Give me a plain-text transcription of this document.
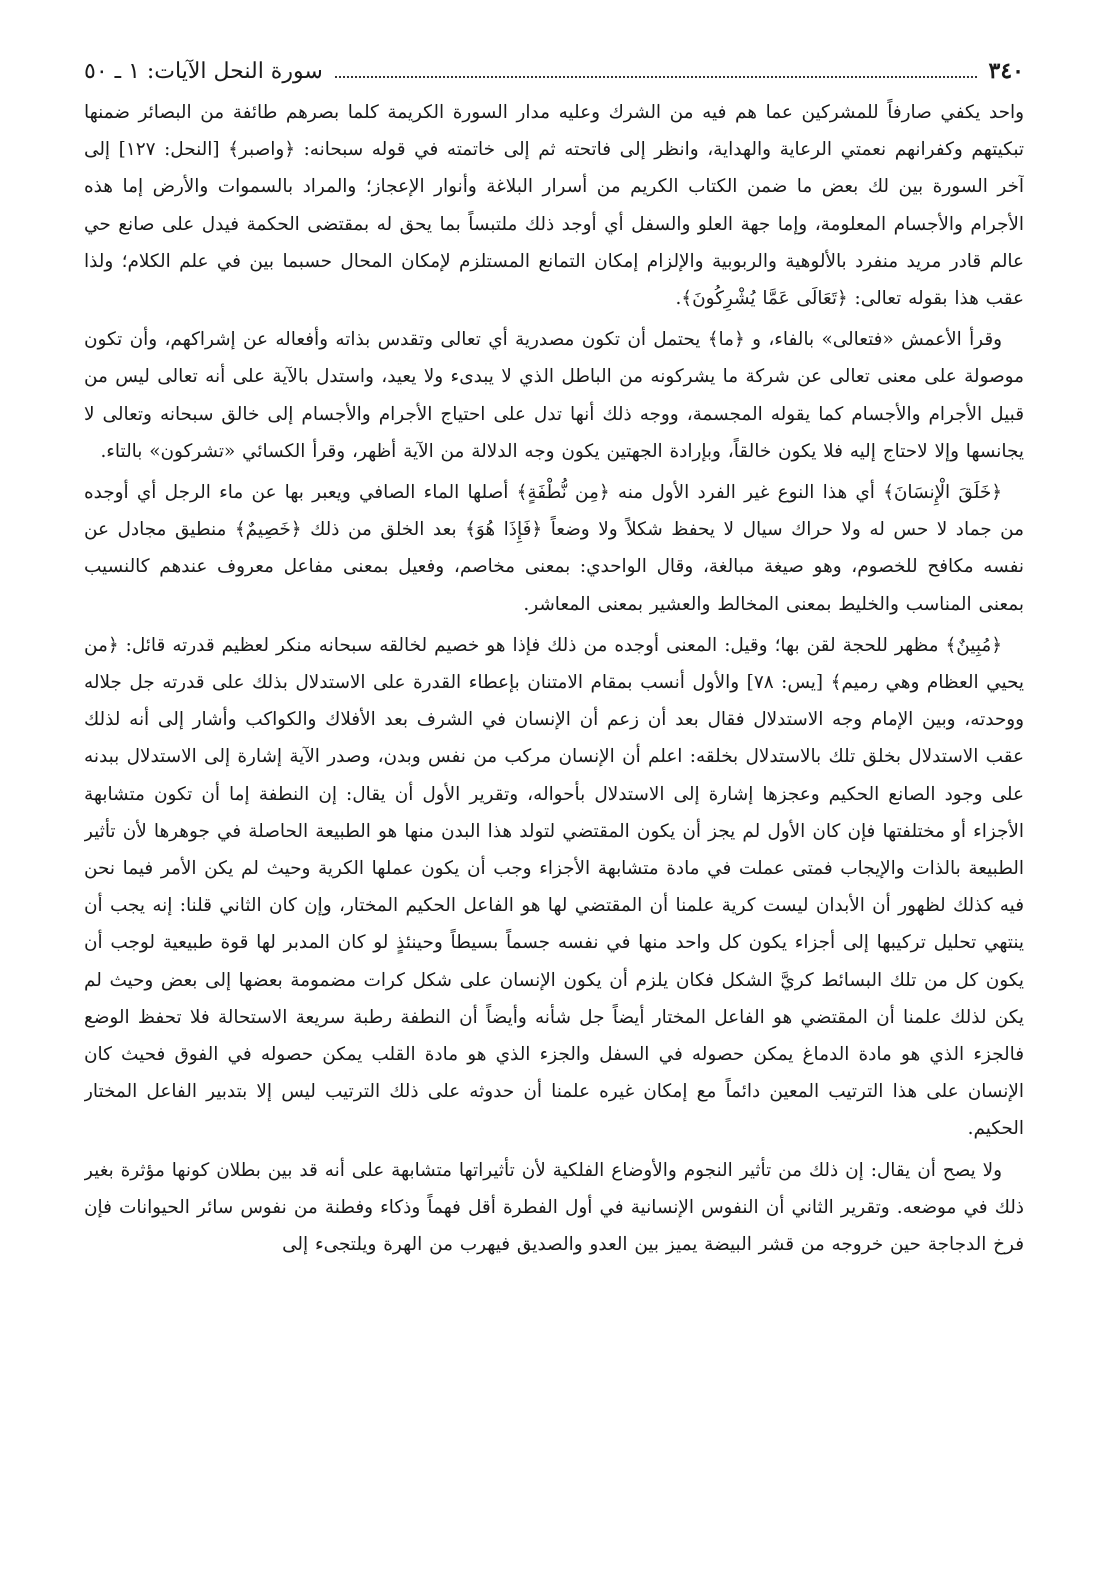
٣٤٠
سورة النحل الآيات: ١ ـ ٥٠

واحد يكفي صارفاً للمشركين عما هم فيه من الشرك وعليه مدار السورة الكريمة كلما بصرهم طائفة من البصائر ضمنها تبكيتهم وكفرانهم نعمتي الرعاية والهداية، وانظر إلى فاتحته ثم إلى خاتمته في قوله سبحانه: ﴿واصبر﴾ [النحل: ١٢٧] إلى آخر السورة بين لك بعض ما ضمن الكتاب الكريم من أسرار البلاغة وأنوار الإعجاز؛ والمراد بالسموات والأرض إما هذه الأجرام والأجسام المعلومة، وإما جهة العلو والسفل أي أوجد ذلك ملتبساً بما يحق له بمقتضى الحكمة فيدل على صانع حي عالم قادر مريد منفرد بالألوهية والربوبية والإلزام إمكان التمانع المستلزم لإمكان المحال حسبما بين في علم الكلام؛ ولذا عقب هذا بقوله تعالى: ﴿تَعَالَى عَمَّا يُشْرِكُونَ﴾.

وقرأ الأعمش «فتعالى» بالفاء، و ﴿ما﴾ يحتمل أن تكون مصدرية أي تعالى وتقدس بذاته وأفعاله عن إشراكهم، وأن تكون موصولة على معنى تعالى عن شركة ما يشركونه من الباطل الذي لا يبدىء ولا يعيد، واستدل بالآية على أنه تعالى ليس من قبيل الأجرام والأجسام كما يقوله المجسمة، ووجه ذلك أنها تدل على احتياج الأجرام والأجسام إلى خالق سبحانه وتعالى لا يجانسها وإلا لاحتاج إليه فلا يكون خالقاً، وبإرادة الجهتين يكون وجه الدلالة من الآية أظهر، وقرأ الكسائي «تشركون» بالتاء.

﴿خَلَقَ الْإِنسَانَ﴾ أي هذا النوع غير الفرد الأول منه ﴿مِن نُّطْفَةٍ﴾ أصلها الماء الصافي ويعبر بها عن ماء الرجل أي أوجده من جماد لا حس له ولا حراك سيال لا يحفظ شكلاً ولا وضعاً ﴿فَإِذَا هُوَ﴾ بعد الخلق من ذلك ﴿خَصِيمٌ﴾ منطيق مجادل عن نفسه مكافح للخصوم، وهو صيغة مبالغة، وقال الواحدي: بمعنى مخاصم، وفعيل بمعنى مفاعل معروف عندهم كالنسيب بمعنى المناسب والخليط بمعنى المخالط والعشير بمعنى المعاشر.

﴿مُبِينٌ﴾ مظهر للحجة لقن بها؛ وقيل: المعنى أوجده من ذلك فإذا هو خصيم لخالقه سبحانه منكر لعظيم قدرته قائل: ﴿من يحيي العظام وهي رميم﴾ [يس: ٧٨] والأول أنسب بمقام الامتنان بإعطاء القدرة على الاستدلال بذلك على قدرته جل جلاله ووحدته، وبين الإمام وجه الاستدلال فقال بعد أن زعم أن الإنسان في الشرف بعد الأفلاك والكواكب وأشار إلى أنه لذلك عقب الاستدلال بخلق تلك بالاستدلال بخلقه: اعلم أن الإنسان مركب من نفس وبدن، وصدر الآية إشارة إلى الاستدلال ببدنه على وجود الصانع الحكيم وعجزها إشارة إلى الاستدلال بأحواله، وتقرير الأول أن يقال: إن النطفة إما أن تكون متشابهة الأجزاء أو مختلفتها فإن كان الأول لم يجز أن يكون المقتضي لتولد هذا البدن منها هو الطبيعة الحاصلة في جوهرها لأن تأثير الطبيعة بالذات والإيجاب فمتى عملت في مادة متشابهة الأجزاء وجب أن يكون عملها الكرية وحيث لم يكن الأمر فيما نحن فيه كذلك لظهور أن الأبدان ليست كرية علمنا أن المقتضي لها هو الفاعل الحكيم المختار، وإن كان الثاني قلنا: إنه يجب أن ينتهي تحليل تركيبها إلى أجزاء يكون كل واحد منها في نفسه جسماً بسيطاً وحينئذٍ لو كان المدبر لها قوة طبيعية لوجب أن يكون كل من تلك البسائط كريَّ الشكل فكان يلزم أن يكون الإنسان على شكل كرات مضمومة بعضها إلى بعض وحيث لم يكن لذلك علمنا أن المقتضي هو الفاعل المختار أيضاً جل شأنه وأيضاً أن النطفة رطبة سريعة الاستحالة فلا تحفظ الوضع فالجزء الذي هو مادة الدماغ يمكن حصوله في السفل والجزء الذي هو مادة القلب يمكن حصوله في الفوق فحيث كان الإنسان على هذا الترتيب المعين دائماً مع إمكان غيره علمنا أن حدوثه على ذلك الترتيب ليس إلا بتدبير الفاعل المختار الحكيم.

ولا يصح أن يقال: إن ذلك من تأثير النجوم والأوضاع الفلكية لأن تأثيراتها متشابهة على أنه قد بين بطلان كونها مؤثرة بغير ذلك في موضعه. وتقرير الثاني أن النفوس الإنسانية في أول الفطرة أقل فهماً وذكاء وفطنة من نفوس سائر الحيوانات فإن فرخ الدجاجة حين خروجه من قشر البيضة يميز بين العدو والصديق فيهرب من الهرة ويلتجىء إلى
